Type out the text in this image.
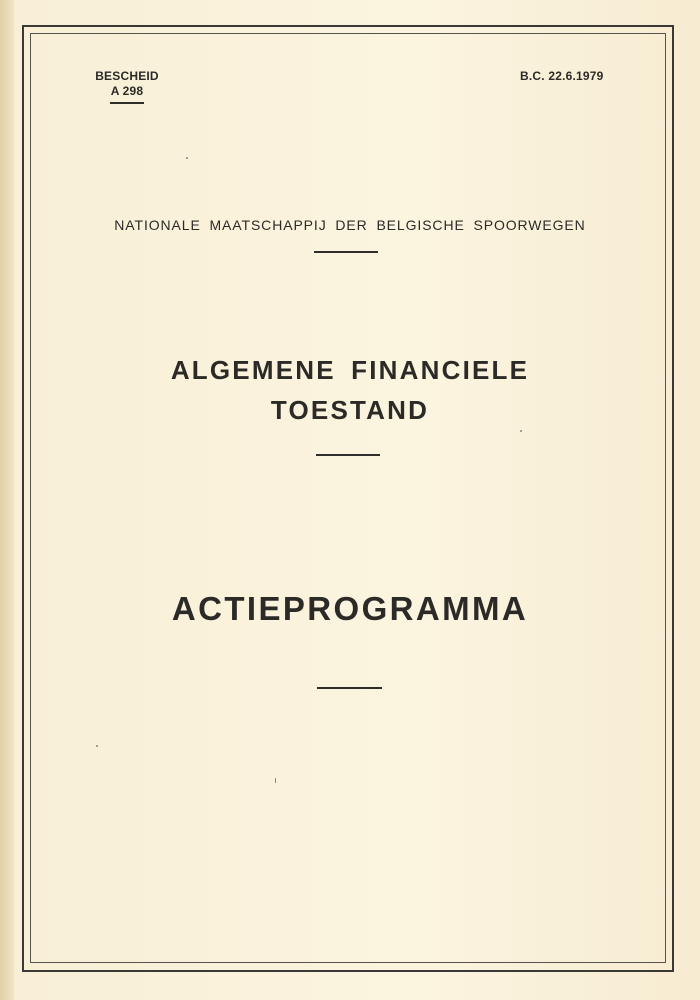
BESCHEID
A 298
B.C. 22.6.1979
NATIONALE MAATSCHAPPIJ DER BELGISCHE SPOORWEGEN
ALGEMENE FINANCIELE
TOESTAND
ACTIEPROGRAMMA
